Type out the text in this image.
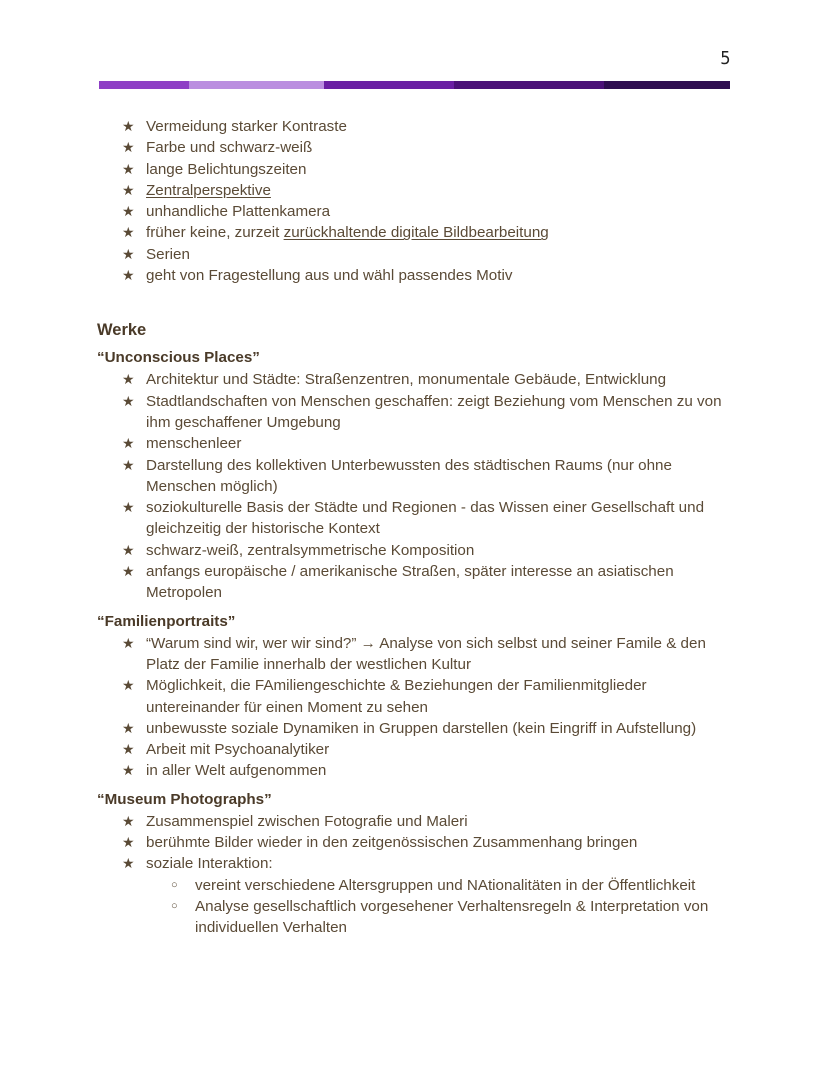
5
★ Vermeidung starker Kontraste
★ Farbe und schwarz-weiß
★ lange Belichtungszeiten
★ Zentralperspektive
★ unhandliche Plattenkamera
★ früher keine, zurzeit zurückhaltende digitale Bildbearbeitung
★ Serien
★ geht von Fragestellung aus und wähl passendes Motiv
Werke
“Unconscious Places”
★ Architektur und Städte: Straßenzentren, monumentale Gebäude, Entwicklung
★ Stadtlandschaften von Menschen geschaffen: zeigt Beziehung vom Menschen zu von ihm geschaffener Umgebung
★ menschenleer
★ Darstellung des kollektiven Unterbewussten des städtischen Raums (nur ohne Menschen möglich)
★ soziokulturelle Basis der Städte und Regionen - das Wissen einer Gesellschaft und gleichzeitig der historische Kontext
★ schwarz-weiß, zentralsymmetrische Komposition
★ anfangs europäische / amerikanische Straßen, später interesse an asiatischen Metropolen
“Familienportraits”
★ “Warum sind wir, wer wir sind?” → Analyse von sich selbst und seiner Famile & den Platz der Familie innerhalb der westlichen Kultur
★ Möglichkeit, die FAmiliengeschichte & Beziehungen der Familienmitglieder untereinander für einen Moment zu sehen
★ unbewusste soziale Dynamiken in Gruppen darstellen (kein Eingriff in Aufstellung)
★ Arbeit mit Psychoanalytiker
★ in aller Welt aufgenommen
“Museum Photographs”
★ Zusammenspiel zwischen Fotografie und Maleri
★ berühmte Bilder wieder in den zeitgenössischen Zusammenhang bringen
★ soziale Interaktion:
○ vereint verschiedene Altersgruppen und NAtionalitäten in der Öffentlichkeit
○ Analyse gesellschaftlich vorgesehener Verhaltensregeln & Interpretation von individuellen Verhalten
